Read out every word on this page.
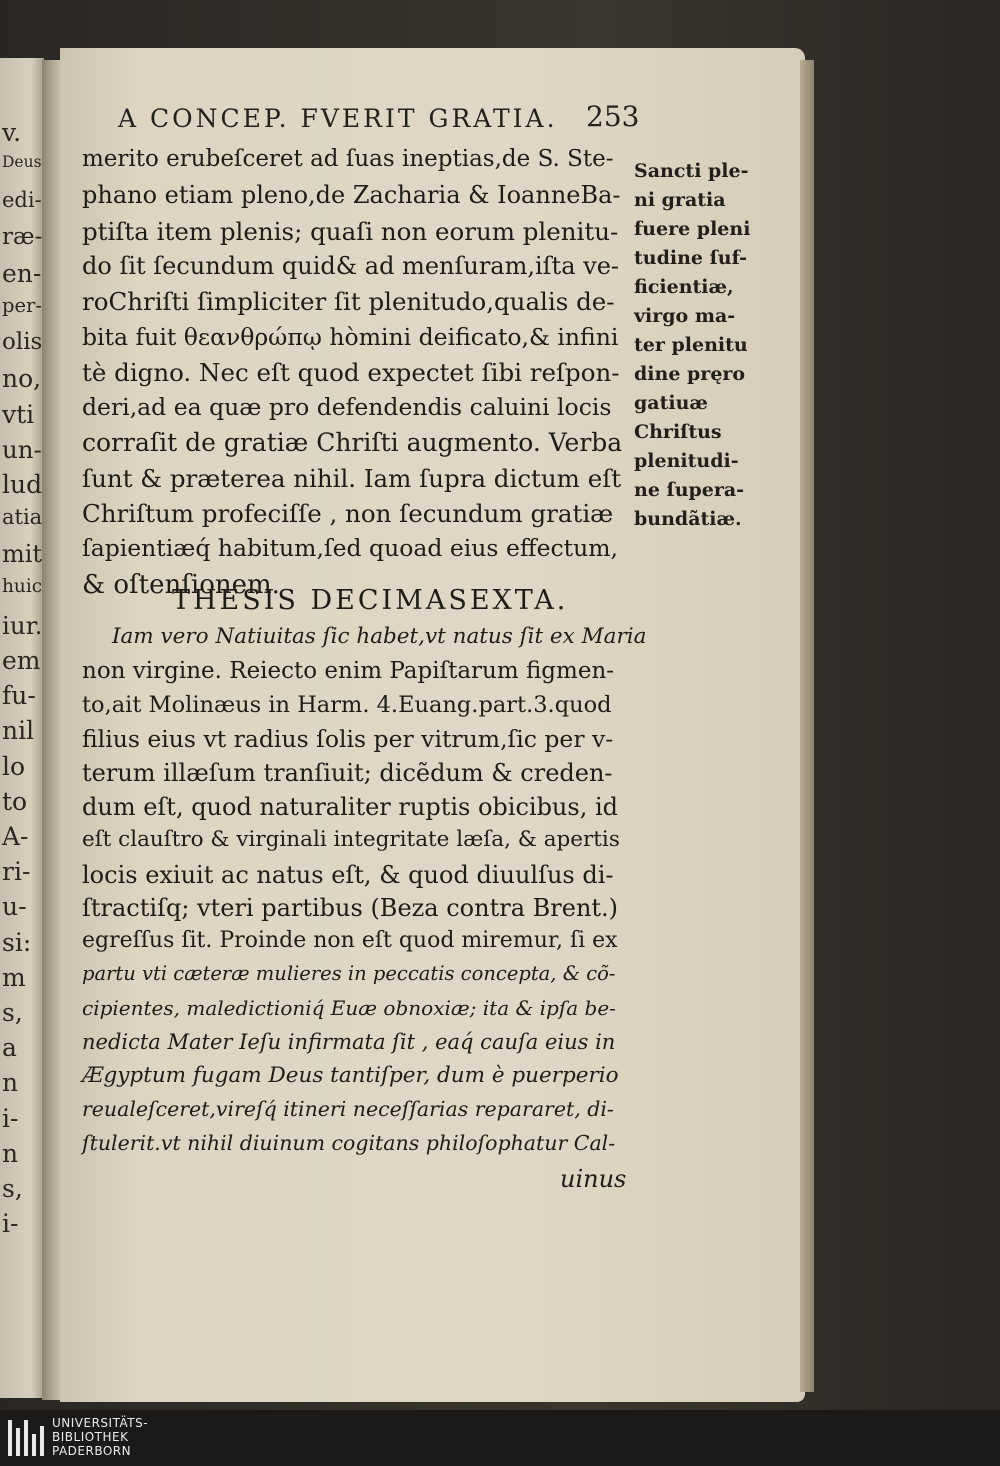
v.
Deus
edi-
ræ-
en-
per-
olis
no,
vti
un-
lud
atia
mit
huic
iur.
em
fu-
nil
lo
to
A-
ri-
u-
si:
m
s,
a
n
i-
n
s,
i-
A CONCEP. FVERIT GRATIA. 253
merito erubeſceret ad ſuas ineptias,de S. Ste-
phano etiam pleno,de Zacharia & IoanneBa-
ptiſta item plenis; quaſi non eorum plenitu-
do ſit ſecundum quid& ad menſuram,iſta ve-
roChriſti ſimpliciter ſit plenitudo,qualis de-
bita fuit θεανθρώπῳ hòmini deificato,& infini
tè digno. Nec eſt quod expectet ſibi reſpon-
deri,ad ea quæ pro defendendis caluini locis
corraſit de gratiæ Chriſti augmento. Verba
ſunt & præterea nihil. Iam ſupra dictum eſt
Chriſtum profeciſſe , non ſecundum gratiæ
ſapientiæq́ habitum,ſed quoad eius effectum,
& oſtenſionem.
THESIS DECIMASEXTA.
Iam vero Natiuitas ſic habet,vt natus ſit ex Maria
non virgine. Reiecto enim Papiſtarum figmen-
to,ait Molinæus in Harm. 4.Euang.part.3.quod
filius eius vt radius ſolis per vitrum,ſic per v-
terum illæſum tranſiuit; dicẽdum & creden-
dum eſt, quod naturaliter ruptis obicibus, id
eſt clauſtro & virginali integritate læſa, & apertis
locis exiuit ac natus eſt, & quod diuulſus di-
ſtractiſq; vteri partibus (Beza contra Brent.)
egreſſus ſit. Proinde non eſt quod miremur, ſi ex
partu vti cæteræ mulieres in peccatis concepta, & cõ-
cipientes, maledictioniq́ Euæ obnoxiæ; ita & ipſa be-
nedicta Mater Ieſu infirmata ſit , eaq́ cauſa eius in
Ægyptum fugam Deus tantiſper, dum è puerperio
reualeſceret,vireſq́ itineri neceſſarias repararet, di-
ſtulerit.vt nihil diuinum cogitans philoſophatur Cal-
Sancti ple-
ni gratia
fuere pleni
tudine ſuf-
ficientiæ,
virgo ma-
ter plenitu
dine pręro
gatiuæ
Chriſtus
plenitudi-
ne ſupera-
bundãtiæ.
uinus
UNIVERSITÄTS-
BIBLIOTHEK
PADERBORN
